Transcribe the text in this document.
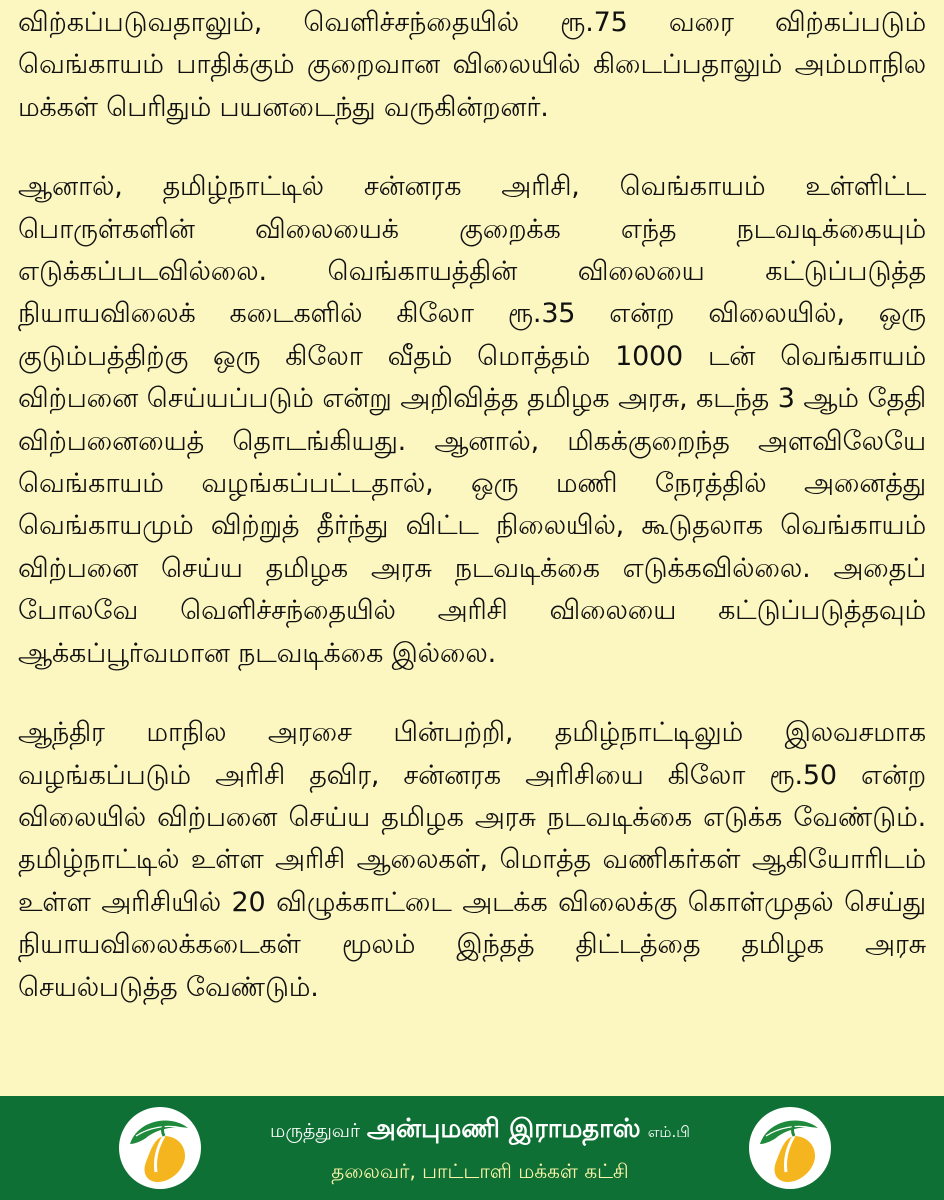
விற்கப்படுவதாலும், வெளிச்சந்தையில் ரூ.75 வரை விற்கப்படும் வெங்காயம் பாதிக்கும் குறைவான விலையில் கிடைப்பதாலும் அம்மாநில மக்கள் பெரிதும் பயனடைந்து வருகின்றனர்.

ஆனால், தமிழ்நாட்டில் சன்னரக அரிசி, வெங்காயம் உள்ளிட்ட பொருள்களின் விலையைக் குறைக்க எந்த நடவடிக்கையும் எடுக்கப்படவில்லை. வெங்காயத்தின் விலையை கட்டுப்படுத்த நியாயவிலைக் கடைகளில் கிலோ ரூ.35 என்ற விலையில், ஒரு குடும்பத்திற்கு ஒரு கிலோ வீதம் மொத்தம் 1000 டன் வெங்காயம் விற்பனை செய்யப்படும் என்று அறிவித்த தமிழக அரசு, கடந்த 3 ஆம் தேதி விற்பனையைத் தொடங்கியது. ஆனால், மிகக்குறைந்த அளவிலேயே வெங்காயம் வழங்கப்பட்டதால், ஒரு மணி நேரத்தில் அனைத்து வெங்காயமும் விற்றுத் தீர்ந்து விட்ட நிலையில், கூடுதலாக வெங்காயம் விற்பனை செய்ய தமிழக அரசு நடவடிக்கை எடுக்கவில்லை. அதைப் போலவே வெளிச்சந்தையில் அரிசி விலையை கட்டுப்படுத்தவும் ஆக்கப்பூர்வமான நடவடிக்கை இல்லை.

ஆந்திர மாநில அரசை பின்பற்றி, தமிழ்நாட்டிலும் இலவசமாக வழங்கப்படும் அரிசி தவிர, சன்னரக அரிசியை கிலோ ரூ.50 என்ற விலையில் விற்பனை செய்ய தமிழக அரசு நடவடிக்கை எடுக்க வேண்டும். தமிழ்நாட்டில் உள்ள அரிசி ஆலைகள், மொத்த வணிகர்கள் ஆகியோரிடம் உள்ள அரிசியில் 20 விழுக்காட்டை அடக்க விலைக்கு கொள்முதல் செய்து நியாயவிலைக்கடைகள் மூலம் இந்தத் திட்டத்தை தமிழக அரசு செயல்படுத்த வேண்டும்.

மருத்துவர் அன்புமணி இராமதாஸ் எம்.பி
தலைவர், பாட்டாளி மக்கள் கட்சி
